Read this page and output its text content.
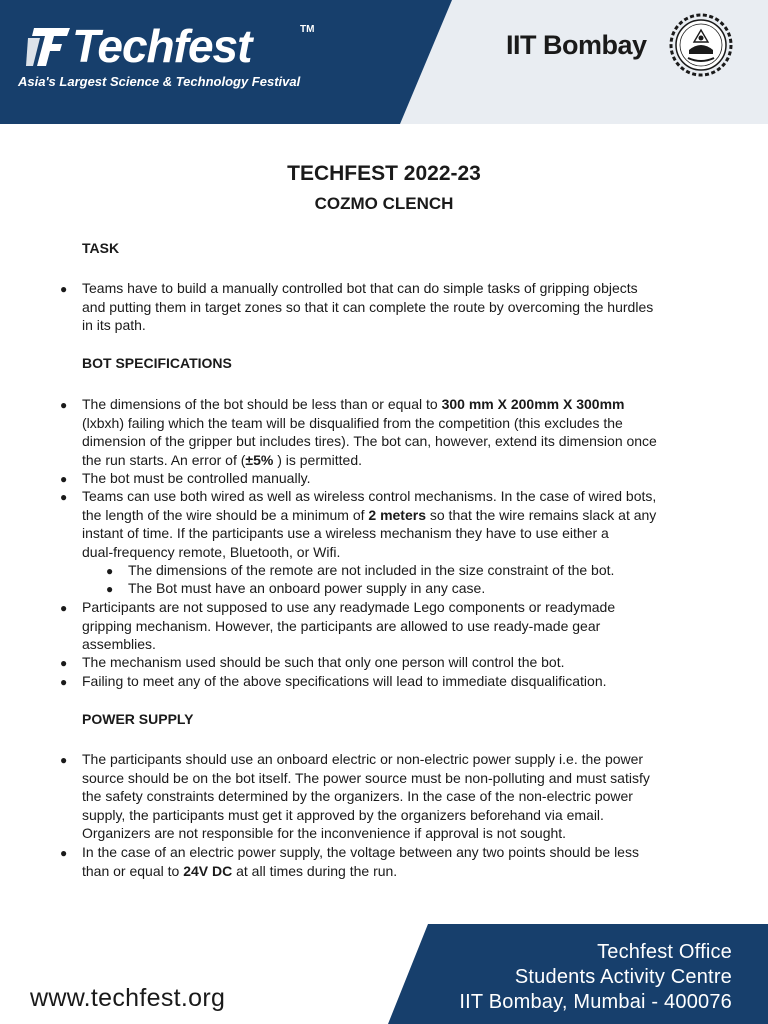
Techfest	TM
Asia's Largest Science & Technology Festival
IIT Bombay
TECHFEST 2022-23
COZMO CLENCH
TASK
● Teams have to build a manually controlled bot that can do simple tasks of gripping objects
and putting them in target zones so that it can complete the route by overcoming the hurdles
in its path.
BOT SPECIFICATIONS
● The dimensions of the bot should be less than or equal to 300 mm X 200mm X 300mm
(lxbxh) failing which the team will be disqualified from the competition (this excludes the
dimension of the gripper but includes tires). The bot can, however, extend its dimension once
the run starts. An error of (±5% ) is permitted.
● The bot must be controlled manually.
● Teams can use both wired as well as wireless control mechanisms. In the case of wired bots,
the length of the wire should be a minimum of 2 meters so that the wire remains slack at any
instant of time. If the participants use a wireless mechanism they have to use either a
dual-frequency remote, Bluetooth, or Wifi.
● The dimensions of the remote are not included in the size constraint of the bot.
● The Bot must have an onboard power supply in any case.
● Participants are not supposed to use any readymade Lego components or readymade
gripping mechanism. However, the participants are allowed to use ready-made gear
assemblies.
● The mechanism used should be such that only one person will control the bot.
● Failing to meet any of the above specifications will lead to immediate disqualification.
POWER SUPPLY
● The participants should use an onboard electric or non-electric power supply i.e. the power
source should be on the bot itself. The power source must be non-polluting and must satisfy
the safety constraints determined by the organizers. In the case of the non-electric power
supply, the participants must get it approved by the organizers beforehand via email.
Organizers are not responsible for the inconvenience if approval is not sought.
● In the case of an electric power supply, the voltage between any two points should be less
than or equal to 24V DC at all times during the run.
www.techfest.org
Techfest Office
Students Activity Centre
IIT Bombay, Mumbai - 400076
